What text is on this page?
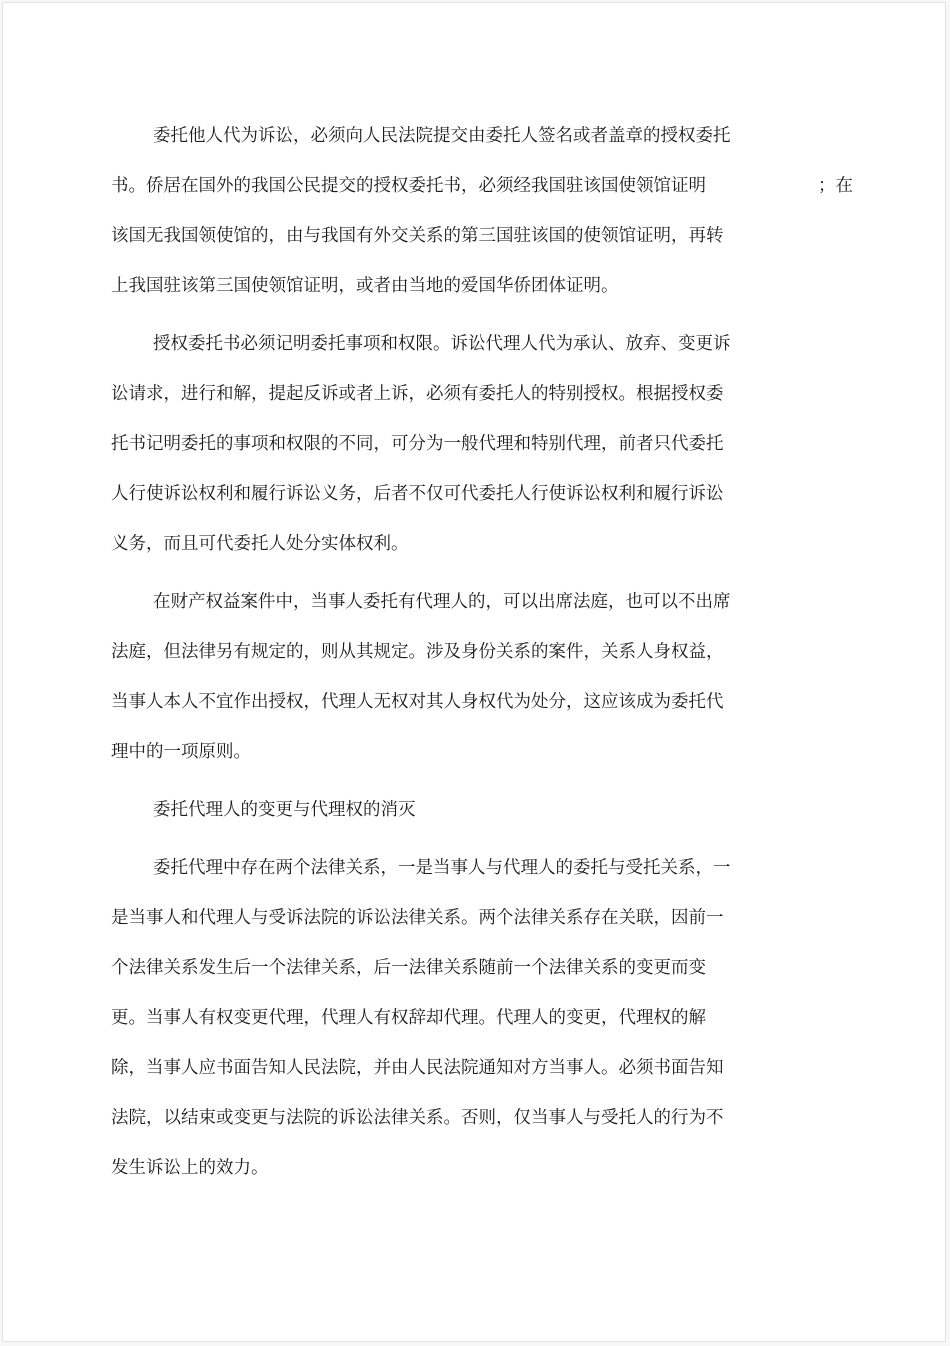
委托他人代为诉讼，必须向人民法院提交由委托人签名或者盖章的授权委托
书。侨居在国外的我国公民提交的授权委托书，必须经我国驻该国使领馆证明	；在
该国无我国领使馆的，由与我国有外交关系的第三国驻该国的使领馆证明，再转
上我国驻该第三国使领馆证明，或者由当地的爱国华侨团体证明。
授权委托书必须记明委托事项和权限。诉讼代理人代为承认、放弃、变更诉
讼请求，进行和解，提起反诉或者上诉，必须有委托人的特别授权。根据授权委
托书记明委托的事项和权限的不同，可分为一般代理和特别代理，前者只代委托
人行使诉讼权利和履行诉讼义务，后者不仅可代委托人行使诉讼权利和履行诉讼
义务，而且可代委托人处分实体权利。
在财产权益案件中，当事人委托有代理人的，可以出席法庭，也可以不出席
法庭，但法律另有规定的，则从其规定。涉及身份关系的案件，关系人身权益，
当事人本人不宜作出授权，代理人无权对其人身权代为处分，这应该成为委托代
理中的一项原则。
委托代理人的变更与代理权的消灭
委托代理中存在两个法律关系，一是当事人与代理人的委托与受托关系，一
是当事人和代理人与受诉法院的诉讼法律关系。两个法律关系存在关联，因前一
个法律关系发生后一个法律关系，后一法律关系随前一个法律关系的变更而变
更。当事人有权变更代理，代理人有权辞却代理。代理人的变更，代理权的解
除，当事人应书面告知人民法院，并由人民法院通知对方当事人。必须书面告知
法院，以结束或变更与法院的诉讼法律关系。否则，仅当事人与受托人的行为不
发生诉讼上的效力。
